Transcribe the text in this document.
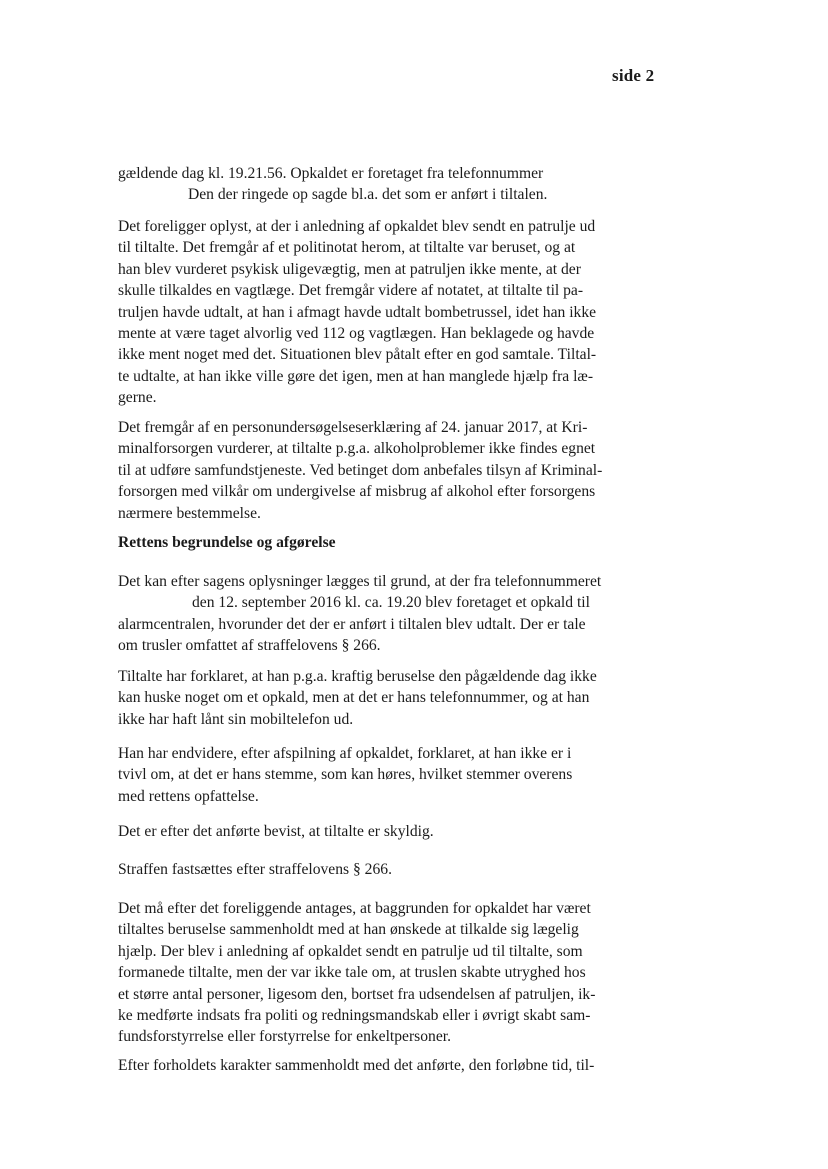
side 2
gældende dag kl. 19.21.56. Opkaldet er foretaget fra telefonnummer
Den der ringede op sagde bl.a. det som er anført i tiltalen.
Det foreligger oplyst, at der i anledning af opkaldet blev sendt en patrulje ud
til tiltalte. Det fremgår af et politinotat herom, at tiltalte var beruset, og at
han blev vurderet psykisk uligevægtig, men at patruljen ikke mente, at der
skulle tilkaldes en vagtlæge. Det fremgår videre af notatet, at tiltalte til pa-
truljen havde udtalt, at han i afmagt havde udtalt bombetrussel, idet han ikke
mente at være taget alvorlig ved 112 og vagtlægen. Han beklagede og havde
ikke ment noget med det. Situationen blev påtalt efter en god samtale. Tiltal-
te udtalte, at han ikke ville gøre det igen, men at han manglede hjælp fra læ-
gerne.
Det fremgår af en personundersøgelseserklæring af 24. januar 2017, at Kri-
minalforsorgen vurderer, at tiltalte p.g.a. alkoholproblemer ikke findes egnet
til at udføre samfundstjeneste. Ved betinget dom anbefales tilsyn af Kriminal-
forsorgen med vilkår om undergivelse af misbrug af alkohol efter forsorgens
nærmere bestemmelse.
Rettens begrundelse og afgørelse
Det kan efter sagens oplysninger lægges til grund, at der fra telefonnummeret
den 12. september 2016 kl. ca. 19.20 blev foretaget et opkald til
alarmcentralen, hvorunder det der er anført i tiltalen blev udtalt. Der er tale
om trusler omfattet af straffelovens § 266.
Tiltalte har forklaret, at han p.g.a. kraftig beruselse den pågældende dag ikke
kan huske noget om et opkald, men at det er hans telefonnummer, og at han
ikke har haft lånt sin mobiltelefon ud.
Han har endvidere, efter afspilning af opkaldet, forklaret, at han ikke er i
tvivl om, at det er hans stemme, som kan høres, hvilket stemmer overens
med rettens opfattelse.
Det er efter det anførte bevist, at tiltalte er skyldig.
Straffen fastsættes efter straffelovens § 266.
Det må efter det foreliggende antages, at baggrunden for opkaldet har været
tiltaltes beruselse sammenholdt med at han ønskede at tilkalde sig lægelig
hjælp. Der blev i anledning af opkaldet sendt en patrulje ud til tiltalte, som
formanede tiltalte, men der var ikke tale om, at truslen skabte utryghed hos
et større antal personer, ligesom den, bortset fra udsendelsen af patruljen, ik-
ke medførte indsats fra politi og redningsmandskab eller i øvrigt skabt sam-
fundsforstyrrelse eller forstyrrelse for enkeltpersoner.
Efter forholdets karakter sammenholdt med det anførte, den forløbne tid, til-
